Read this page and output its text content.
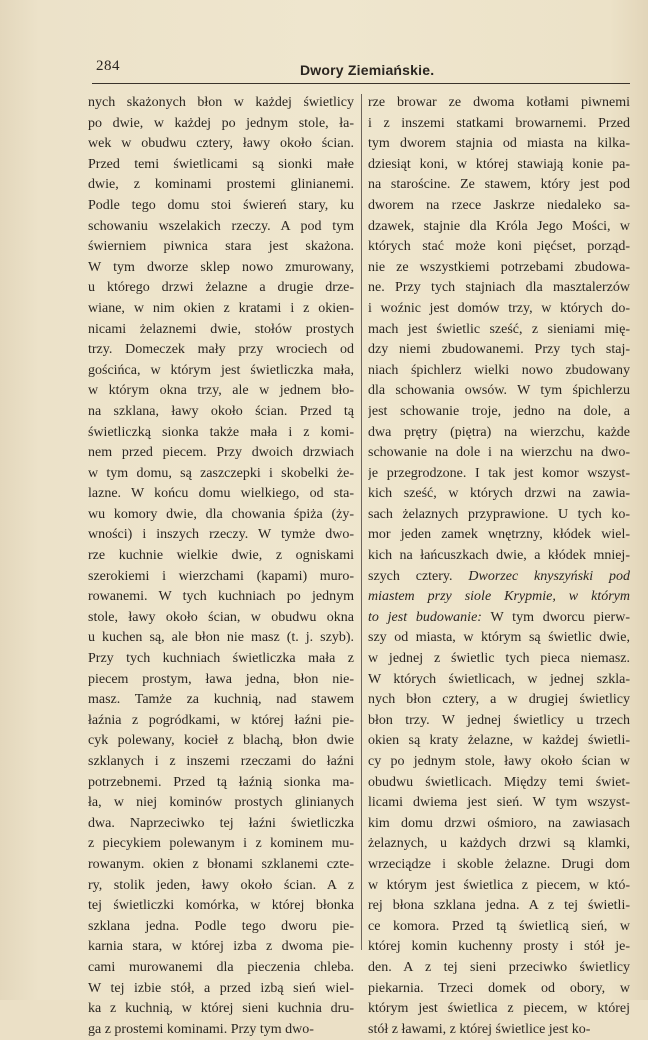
284	Dwory Ziemiańskie.
nych skażonych błon w każdej świetlicy
po dwie, w każdej po jednym stole, ła-
wek w obudwu cztery, ławy około ścian.
Przed temi świetlicami są sionki małe
dwie, z kominami prostemi glinianemi.
Podle tego domu stoi świereń stary, ku
schowaniu wszelakich rzeczy. A pod tym
świerniem piwnica stara jest skażona.
W tym dworze sklep nowo zmurowany,
u którego drzwi żelazne a drugie drze-
wiane, w nim okien z kratami i z okien-
nicami żelaznemi dwie, stołów prostych
trzy. Domeczek mały przy wrociech od
gościńca, w którym jest świetliczka mała,
w którym okna trzy, ale w jednem bło-
na szklana, ławy około ścian. Przed tą
świetliczką sionka także mała i z komi-
nem przed piecem. Przy dwoich drzwiach
w tym domu, są zaszczepki i skobelki że-
lazne. W końcu domu wielkiego, od sta-
wu komory dwie, dla chowania śpiża (ży-
wności) i inszych rzeczy. W tymże dwo-
rze kuchnie wielkie dwie, z ogniskami
szerokiemi i wierzchami (kapami) muro-
rowanemi. W tych kuchniach po jednym
stole, ławy około ścian, w obudwu okna
u kuchen są, ale błon nie masz (t. j. szyb).
Przy tych kuchniach świetliczka mała z
piecem prostym, ława jedna, błon nie-
masz. Tamże za kuchnią, nad stawem
łaźnia z pogródkami, w której łaźni pie-
cyk polewany, kocieł z blachą, błon dwie
szklanych i z inszemi rzeczami do łaźni
potrzebnemi. Przed tą łaźnią sionka ma-
ła, w niej kominów prostych glinianych
dwa. Naprzeciwko tej łaźni świetliczka
z piecykiem polewanym i z kominem mu-
rowanym. okien z błonami szklanemi czte-
ry, stolik jeden, ławy około ścian. A z
tej świetliczki komórka, w której błonka
szklana jedna. Podle tego dworu pie-
karnia stara, w której izba z dwoma pie-
cami murowanemi dla pieczenia chleba.
W tej izbie stół, a przed izbą sień wiel-
ka z kuchnią, w której sieni kuchnia dru-
ga z prostemi kominami. Przy tym dwo-
rze browar ze dwoma kotłami piwnemi
i z inszemi statkami browarnemi. Przed
tym dworem stajnia od miasta na kilka-
dziesiąt koni, w której stawiają konie pa-
na starościne. Ze stawem, który jest pod
dworem na rzece Jaskrze niedaleko sa-
dzawek, stajnie dla Króla Jego Mości, w
których stać może koni pięćset, porząd-
nie ze wszystkiemi potrzebami zbudowa-
ne. Przy tych stajniach dla masztalerzów
i woźnic jest domów trzy, w których do-
mach jest świetlic sześć, z sieniami mię-
dzy niemi zbudowanemi. Przy tych staj-
niach śpichlerz wielki nowo zbudowany
dla schowania owsów. W tym śpichlerzu
jest schowanie troje, jedno na dole, a
dwa prętry (piętra) na wierzchu, każde
schowanie na dole i na wierzchu na dwo-
je przegrodzone. I tak jest komor wszyst-
kich sześć, w których drzwi na zawia-
sach żelaznych przyprawione. U tych ko-
mor jeden zamek wnętrzny, kłódek wiel-
kich na łańcuszkach dwie, a kłódek mniej-
szych cztery. Dworzec knyszyński pod
miastem przy siole Krypmie, w którym
to jest budowanie: W tym dworcu pierw-
szy od miasta, w którym są świetlic dwie,
w jednej z świetlic tych pieca niemasz.
W których świetlicach, w jednej szkla-
nych błon cztery, a w drugiej świetlicy
błon trzy. W jednej świetlicy u trzech
okien są kraty żelazne, w każdej świetli-
cy po jednym stole, ławy około ścian w
obudwu świetlicach. Między temi świet-
licami dwiema jest sień. W tym wszyst-
kim domu drzwi ośmioro, na zawiasach
żelaznych, u każdych drzwi są klamki,
wrzeciądze i skoble żelazne. Drugi dom
w którym jest świetlica z piecem, w któ-
rej błona szklana jedna. A z tej świetli-
ce komora. Przed tą świetlicą sień, w
której komin kuchenny prosty i stół je-
den. A z tej sieni przeciwko świetlicy
piekarnia. Trzeci domek od obory, w
którym jest świetlica z piecem, w której
stół z ławami, z której świetlice jest ko-
